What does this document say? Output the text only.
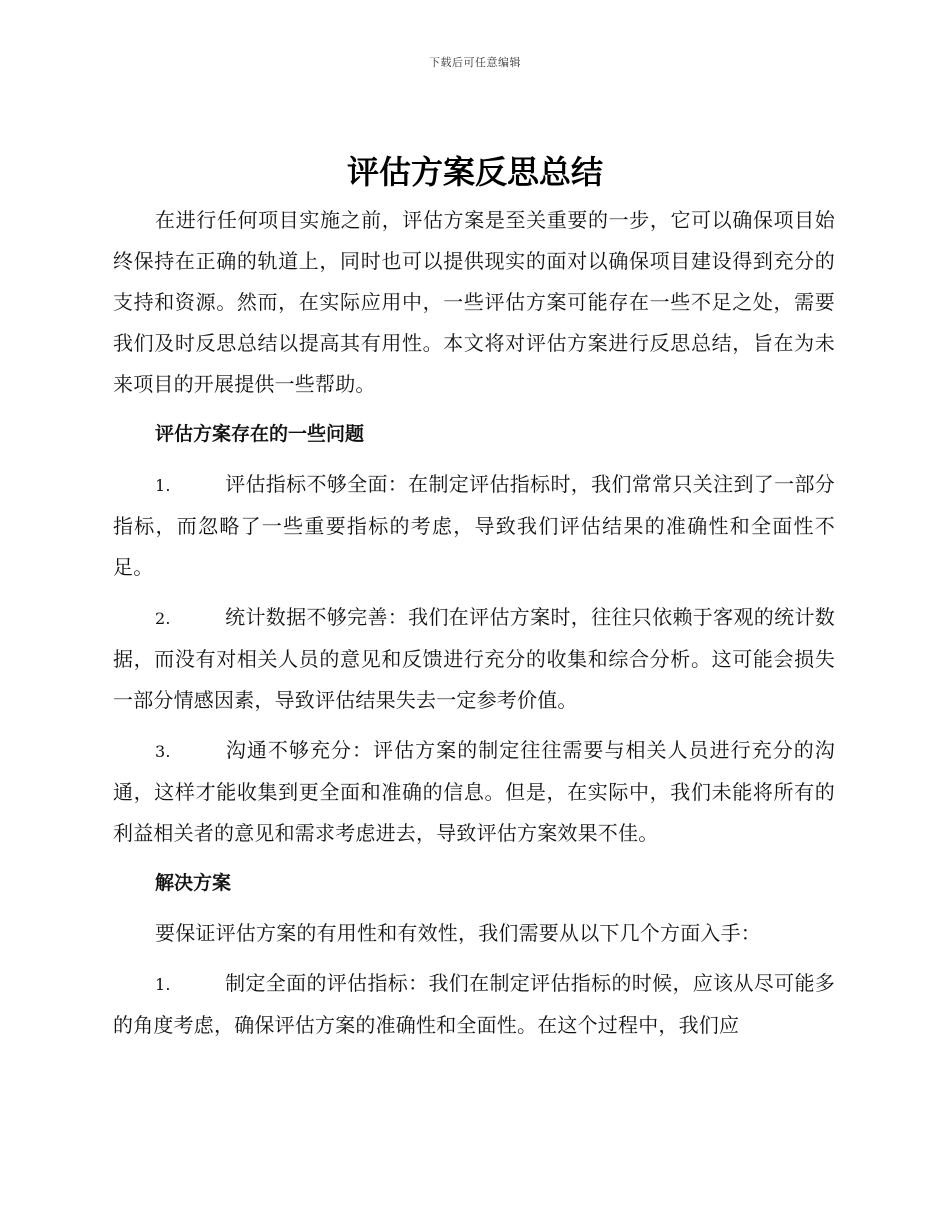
下载后可任意编辑
评估方案反思总结

在进行任何项目实施之前，评估方案是至关重要的一步，它可以确保项目始终保持在正确的轨道上，同时也可以提供现实的面对以确保项目建设得到充分的支持和资源。然而，在实际应用中，一些评估方案可能存在一些不足之处，需要我们及时反思总结以提高其有用性。本文将对评估方案进行反思总结，旨在为未来项目的开展提供一些帮助。

评估方案存在的一些问题

1.	评估指标不够全面：在制定评估指标时，我们常常只关注到了一部分指标，而忽略了一些重要指标的考虑，导致我们评估结果的准确性和全面性不足。

2.	统计数据不够完善：我们在评估方案时，往往只依赖于客观的统计数据，而没有对相关人员的意见和反馈进行充分的收集和综合分析。这可能会损失一部分情感因素，导致评估结果失去一定参考价值。

3.	沟通不够充分：评估方案的制定往往需要与相关人员进行充分的沟通，这样才能收集到更全面和准确的信息。但是，在实际中，我们未能将所有的利益相关者的意见和需求考虑进去，导致评估方案效果不佳。

解决方案

要保证评估方案的有用性和有效性，我们需要从以下几个方面入手：

1.	制定全面的评估指标：我们在制定评估指标的时候，应该从尽可能多的角度考虑，确保评估方案的准确性和全面性。在这个过程中，我们应
